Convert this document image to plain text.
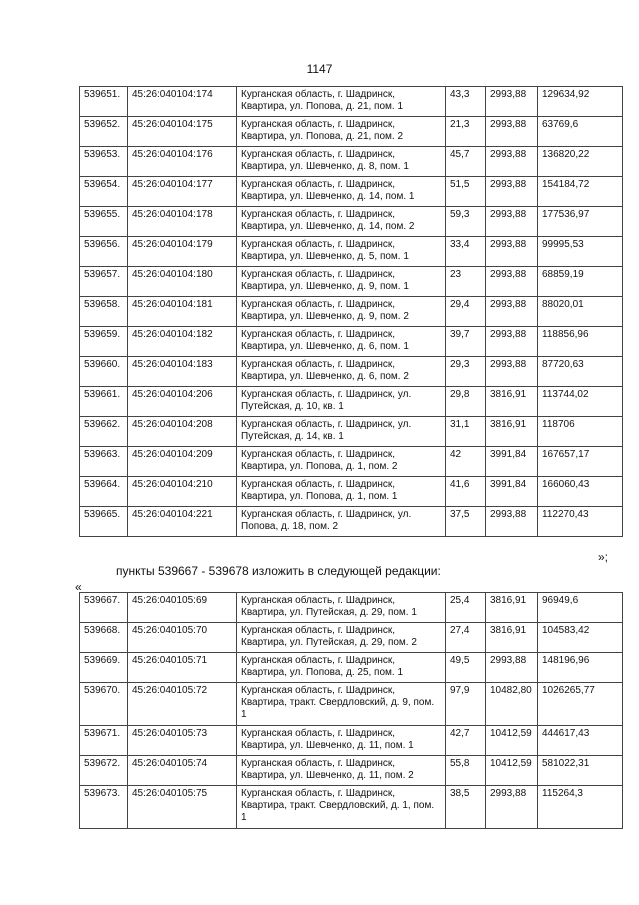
1147
539651.	45:26:040104:174	Курганская область, г. Шадринск, Квартира, ул. Попова, д. 21, пом. 1	43,3	2993,88	129634,92
539652.	45:26:040104:175	Курганская область, г. Шадринск, Квартира, ул. Попова, д. 21, пом. 2	21,3	2993,88	63769,6
539653.	45:26:040104:176	Курганская область, г. Шадринск, Квартира, ул. Шевченко, д. 8, пом. 1	45,7	2993,88	136820,22
539654.	45:26:040104:177	Курганская область, г. Шадринск, Квартира, ул. Шевченко, д. 14, пом. 1	51,5	2993,88	154184,72
539655.	45:26:040104:178	Курганская область, г. Шадринск, Квартира, ул. Шевченко, д. 14, пом. 2	59,3	2993,88	177536,97
539656.	45:26:040104:179	Курганская область, г. Шадринск, Квартира, ул. Шевченко, д. 5, пом. 1	33,4	2993,88	99995,53
539657.	45:26:040104:180	Курганская область, г. Шадринск, Квартира, ул. Шевченко, д. 9, пом. 1	23	2993,88	68859,19
539658.	45:26:040104:181	Курганская область, г. Шадринск, Квартира, ул. Шевченко, д. 9, пом. 2	29,4	2993,88	88020,01
539659.	45:26:040104:182	Курганская область, г. Шадринск, Квартира, ул. Шевченко, д. 6, пом. 1	39,7	2993,88	118856,96
539660.	45:26:040104:183	Курганская область, г. Шадринск, Квартира, ул. Шевченко, д. 6, пом. 2	29,3	2993,88	87720,63
539661.	45:26:040104:206	Курганская область, г. Шадринск, ул. Путейская, д. 10, кв. 1	29,8	3816,91	113744,02
539662.	45:26:040104:208	Курганская область, г. Шадринск, ул. Путейская, д. 14, кв. 1	31,1	3816,91	118706
539663.	45:26:040104:209	Курганская область, г. Шадринск, Квартира, ул. Попова, д. 1, пом. 2	42	3991,84	167657,17
539664.	45:26:040104:210	Курганская область, г. Шадринск, Квартира, ул. Попова, д. 1, пом. 1	41,6	3991,84	166060,43
539665.	45:26:040104:221	Курганская область, г. Шадринск, ул. Попова, д. 18, пом. 2	37,5	2993,88	112270,43
»;
пункты 539667 - 539678 изложить в следующей редакции:
«
539667.	45:26:040105:69	Курганская область, г. Шадринск, Квартира, ул. Путейская, д. 29, пом. 1	25,4	3816,91	96949,6
539668.	45:26:040105:70	Курганская область, г. Шадринск, Квартира, ул. Путейская, д. 29, пом. 2	27,4	3816,91	104583,42
539669.	45:26:040105:71	Курганская область, г. Шадринск, Квартира, ул. Попова, д. 25, пом. 1	49,5	2993,88	148196,96
539670.	45:26:040105:72	Курганская область, г. Шадринск, Квартира, тракт. Свердловский, д. 9, пом. 1	97,9	10482,80	1026265,77
539671.	45:26:040105:73	Курганская область, г. Шадринск, Квартира, ул. Шевченко, д. 11, пом. 1	42,7	10412,59	444617,43
539672.	45:26:040105:74	Курганская область, г. Шадринск, Квартира, ул. Шевченко, д. 11, пом. 2	55,8	10412,59	581022,31
539673.	45:26:040105:75	Курганская область, г. Шадринск, Квартира, тракт. Свердловский, д. 1, пом. 1	38,5	2993,88	115264,3
